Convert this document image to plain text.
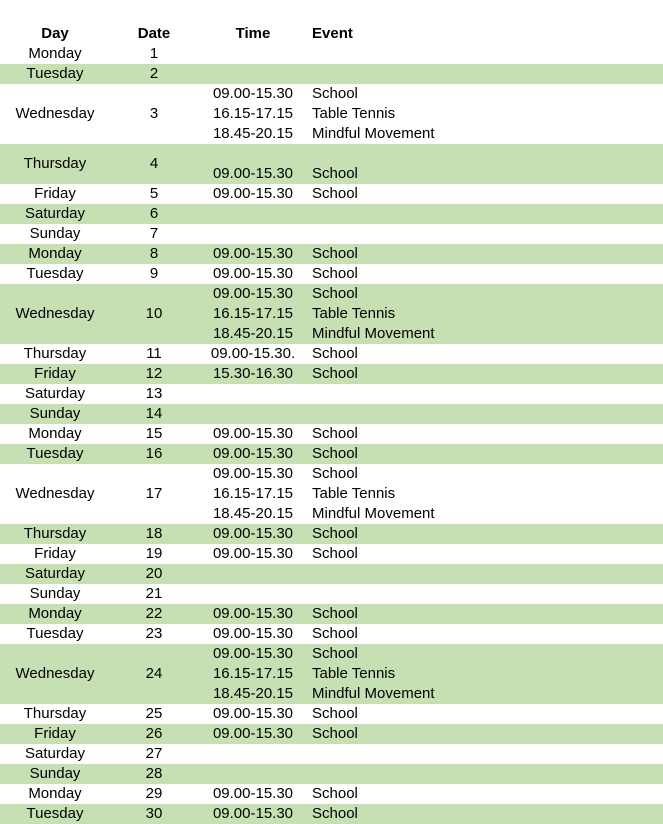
Day	Date	Time	Event
Monday	1
Tuesday	2
Wednesday	3
09.00-15.30	School
16.15-17.15	Table Tennis
18.45-20.15	Mindful Movement
Thursday	4
09.00-15.30	School
Friday	5	09.00-15.30	School
Saturday	6
Sunday	7
Monday	8	09.00-15.30	School
Tuesday	9	09.00-15.30	School
Wednesday	10
09.00-15.30	School
16.15-17.15	Table Tennis
18.45-20.15	Mindful Movement
Thursday	11	09.00-15.30.	School
Friday	12	15.30-16.30	School
Saturday	13
Sunday	14
Monday	15	09.00-15.30	School
Tuesday	16	09.00-15.30	School
Wednesday	17
09.00-15.30	School
16.15-17.15	Table Tennis
18.45-20.15	Mindful Movement
Thursday	18	09.00-15.30	School
Friday	19	09.00-15.30	School
Saturday	20
Sunday	21
Monday	22	09.00-15.30	School
Tuesday	23	09.00-15.30	School
Wednesday	24
09.00-15.30	School
16.15-17.15	Table Tennis
18.45-20.15	Mindful Movement
Thursday	25	09.00-15.30	School
Friday	26	09.00-15.30	School
Saturday	27
Sunday	28
Monday	29	09.00-15.30	School
Tuesday	30	09.00-15.30	School
